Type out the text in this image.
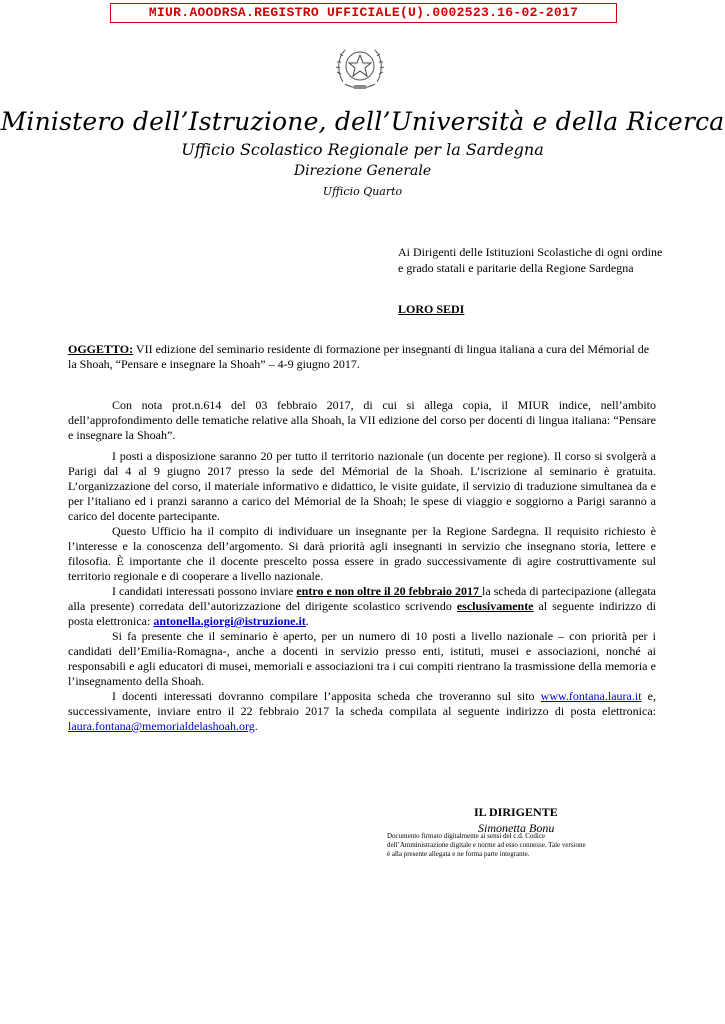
MIUR.AOODRSA.REGISTRO UFFICIALE(U).0002523.16-02-2017
Ministero dell’Istruzione, dell’Università e della Ricerca
Ufficio Scolastico Regionale per la Sardegna
Direzione Generale
Ufficio Quarto
Ai Dirigenti delle Istituzioni Scolastiche di ogni ordine e grado statali e paritarie della Regione Sardegna
LORO SEDI
OGGETTO: VII edizione del seminario residente di formazione per insegnanti di lingua italiana a cura del Mémorial de la Shoah, “Pensare e insegnare la Shoah” – 4-9 giugno 2017.

Con nota prot.n.614 del 03 febbraio 2017, di cui si allega copia, il MIUR indice, nell’ambito dell’approfondimento delle tematiche relative alla Shoah, la VII edizione del corso per docenti di lingua italiana: “Pensare e insegnare la Shoah”.

I posti a disposizione saranno 20 per tutto il territorio nazionale (un docente per regione). Il corso si svolgerà a Parigi dal 4 al 9 giugno 2017 presso la sede del Mémorial de la Shoah. L’iscrizione al seminario è gratuita. L’organizzazione del corso, il materiale informativo e didattico, le visite guidate, il servizio di traduzione simultanea da e per l’italiano ed i pranzi saranno a carico del Mémorial de la Shoah; le spese di viaggio e soggiorno a Parigi saranno a carico del docente partecipante.

Questo Ufficio ha il compito di individuare un insegnante per la Regione Sardegna. Il requisito richiesto è l’interesse e la conoscenza dell’argomento. Si darà priorità agli insegnanti in servizio che insegnano storia, lettere e filosofia. È importante che il docente prescelto possa essere in grado successivamente di agire costruttivamente sul territorio regionale e di cooperare a livello nazionale.

I candidati interessati possono inviare entro e non oltre il 20 febbraio 2017 la scheda di partecipazione (allegata alla presente) corredata dell’autorizzazione del dirigente scolastico scrivendo esclusivamente al seguente indirizzo di posta elettronica: antonella.giorgi@istruzione.it.

Si fa presente che il seminario è aperto, per un numero di 10 posti a livello nazionale – con priorità per i candidati dell’Emilia-Romagna-, anche a docenti in servizio presso enti, istituti, musei e associazioni, nonché ai responsabili e agli educatori di musei, memoriali e associazioni tra i cui compiti rientrano la trasmissione della memoria e l’insegnamento della Shoah.

I docenti interessati dovranno compilare l’apposita scheda che troveranno sul sito www.fontana.laura.it e, successivamente, inviare entro il 22 febbraio 2017 la scheda compilata al seguente indirizzo di posta elettronica: laura.fontana@memorialdelashoah.org.

IL DIRIGENTE
Simonetta Bonu
Documento firmato digitalmente ai sensi del c.d. Codice dell’Amministrazione digitale e norme ad esso connesse. Tale versione è alla presente allegata e ne forma parte integrante.
